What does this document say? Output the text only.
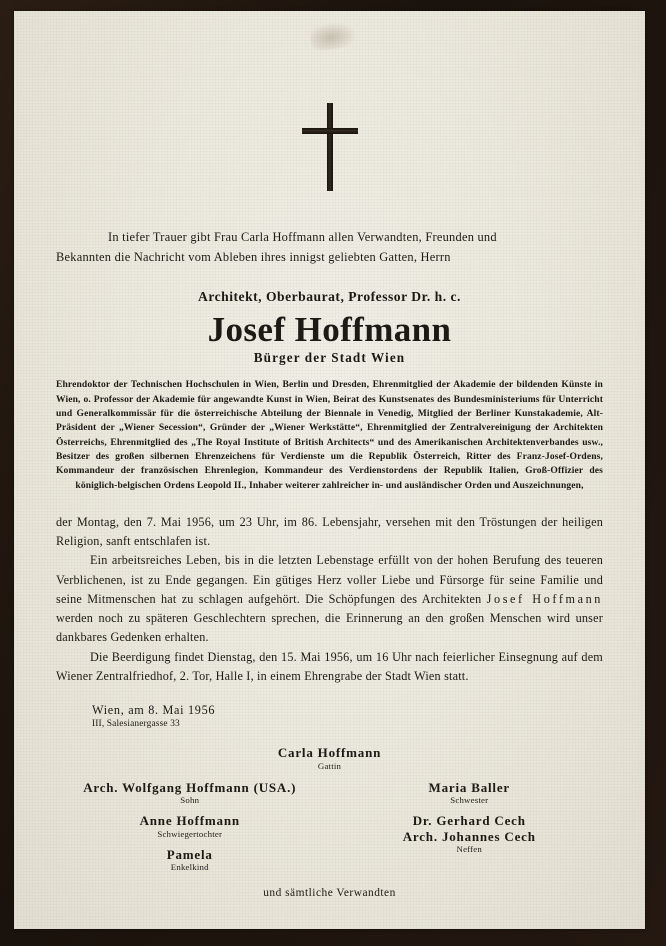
In tiefer Trauer gibt Frau Carla Hoffmann allen Verwandten, Freunden und
Bekannten die Nachricht vom Ableben ihres innigst geliebten Gatten, Herrn
Architekt, Oberbaurat, Professor Dr. h. c.
Josef Hoffmann
Bürger der Stadt Wien
Ehrendoktor der Technischen Hochschulen in Wien, Berlin und Dresden, Ehrenmitglied der Akademie der bildenden Künste in Wien, o. Professor der Akademie für angewandte Kunst in Wien, Beirat des Kunstsenates des Bundesministeriums für Unterricht und Generalkommissär für die österreichische Abteilung der Biennale in Venedig, Mitglied der Berliner Kunstakademie, Alt-Präsident der „Wiener Secession“, Gründer der „Wiener Werkstätte“, Ehrenmitglied der Zentralvereinigung der Architekten Österreichs, Ehrenmitglied des „The Royal Institute of British Architects“ und des Amerikanischen Architektenverbandes usw., Besitzer des großen silbernen Ehrenzeichens für Verdienste um die Republik Österreich, Ritter des Franz-Josef-Ordens, Kommandeur der französischen Ehrenlegion, Kommandeur des Verdienstordens der Republik Italien, Groß-Offizier des königlich-belgischen Ordens Leopold II., Inhaber weiterer zahlreicher in- und ausländischer Orden und Auszeichnungen,

der Montag, den 7. Mai 1956, um 23 Uhr, im 86. Lebensjahr, versehen mit den Tröstungen der heiligen Religion, sanft entschlafen ist.

Ein arbeitsreiches Leben, bis in die letzten Lebenstage erfüllt von der hohen Berufung des teueren Verblichenen, ist zu Ende gegangen. Ein gütiges Herz voller Liebe und Fürsorge für seine Familie und seine Mitmenschen hat zu schlagen aufgehört. Die Schöpfungen des Architekten Josef Hoffmann werden noch zu späteren Geschlechtern sprechen, die Erinnerung an den großen Menschen wird unser dankbares Gedenken erhalten.

Die Beerdigung findet Dienstag, den 15. Mai 1956, um 16 Uhr nach feierlicher Einsegnung auf dem Wiener Zentralfriedhof, 2. Tor, Halle I, in einem Ehrengrabe der Stadt Wien statt.

Wien, am 8. Mai 1956
III, Salesianergasse 33
Carla Hoffmann
Gattin
Arch. Wolfgang Hoffmann (USA.)
Sohn
Anne Hoffmann
Schwiegertochter
Pamela
Enkelkind
Maria Baller
Schwester
Dr. Gerhard Cech
Arch. Johannes Cech
Neffen
und sämtliche Verwandten
